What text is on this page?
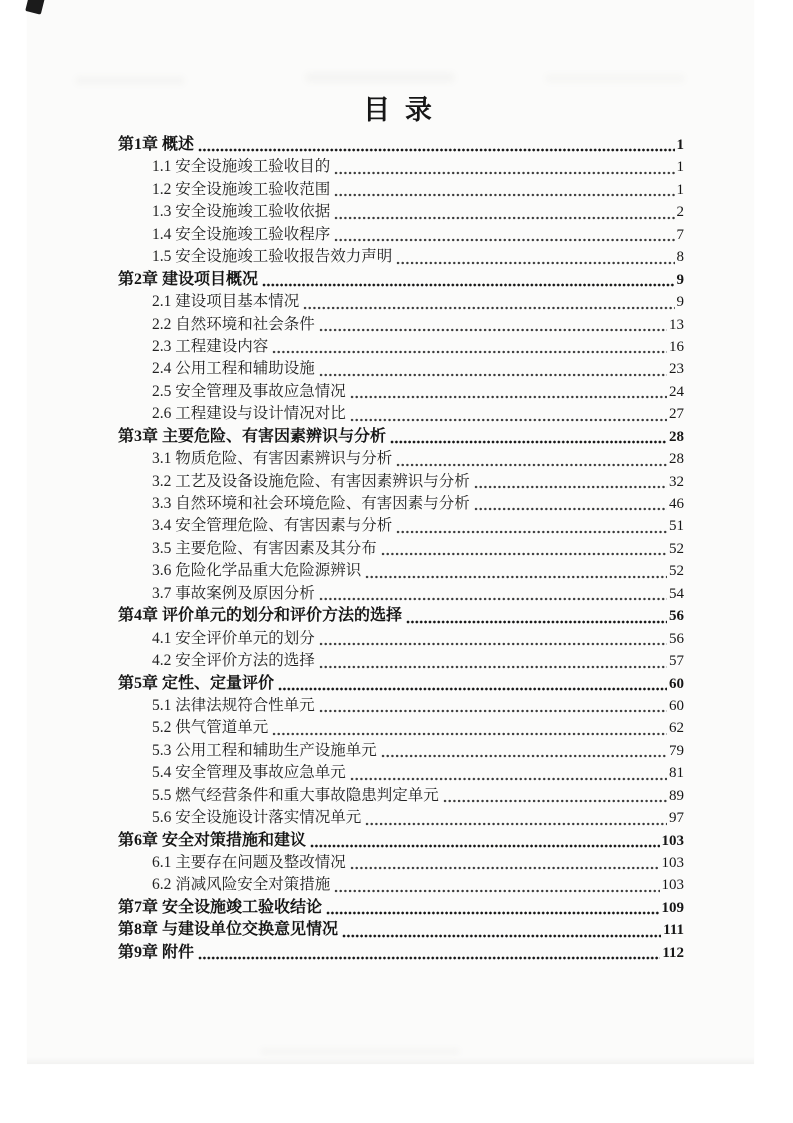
目 录
第1章 概述	1
1.1 安全设施竣工验收目的	1
1.2 安全设施竣工验收范围	1
1.3 安全设施竣工验收依据	2
1.4 安全设施竣工验收程序	7
1.5 安全设施竣工验收报告效力声明	8
第2章 建设项目概况	9
2.1 建设项目基本情况	9
2.2 自然环境和社会条件	13
2.3 工程建设内容	16
2.4 公用工程和辅助设施	23
2.5 安全管理及事故应急情况	24
2.6 工程建设与设计情况对比	27
第3章 主要危险、有害因素辨识与分析	28
3.1 物质危险、有害因素辨识与分析	28
3.2 工艺及设备设施危险、有害因素辨识与分析	32
3.3 自然环境和社会环境危险、有害因素与分析	46
3.4 安全管理危险、有害因素与分析	51
3.5 主要危险、有害因素及其分布	52
3.6 危险化学品重大危险源辨识	52
3.7 事故案例及原因分析	54
第4章 评价单元的划分和评价方法的选择	56
4.1 安全评价单元的划分	56
4.2 安全评价方法的选择	57
第5章 定性、定量评价	60
5.1 法律法规符合性单元	60
5.2 供气管道单元	62
5.3 公用工程和辅助生产设施单元	79
5.4 安全管理及事故应急单元	81
5.5 燃气经营条件和重大事故隐患判定单元	89
5.6 安全设施设计落实情况单元	97
第6章 安全对策措施和建议	103
6.1 主要存在问题及整改情况	103
6.2 消减风险安全对策措施	103
第7章 安全设施竣工验收结论	109
第8章 与建设单位交换意见情况	111
第9章 附件	112
